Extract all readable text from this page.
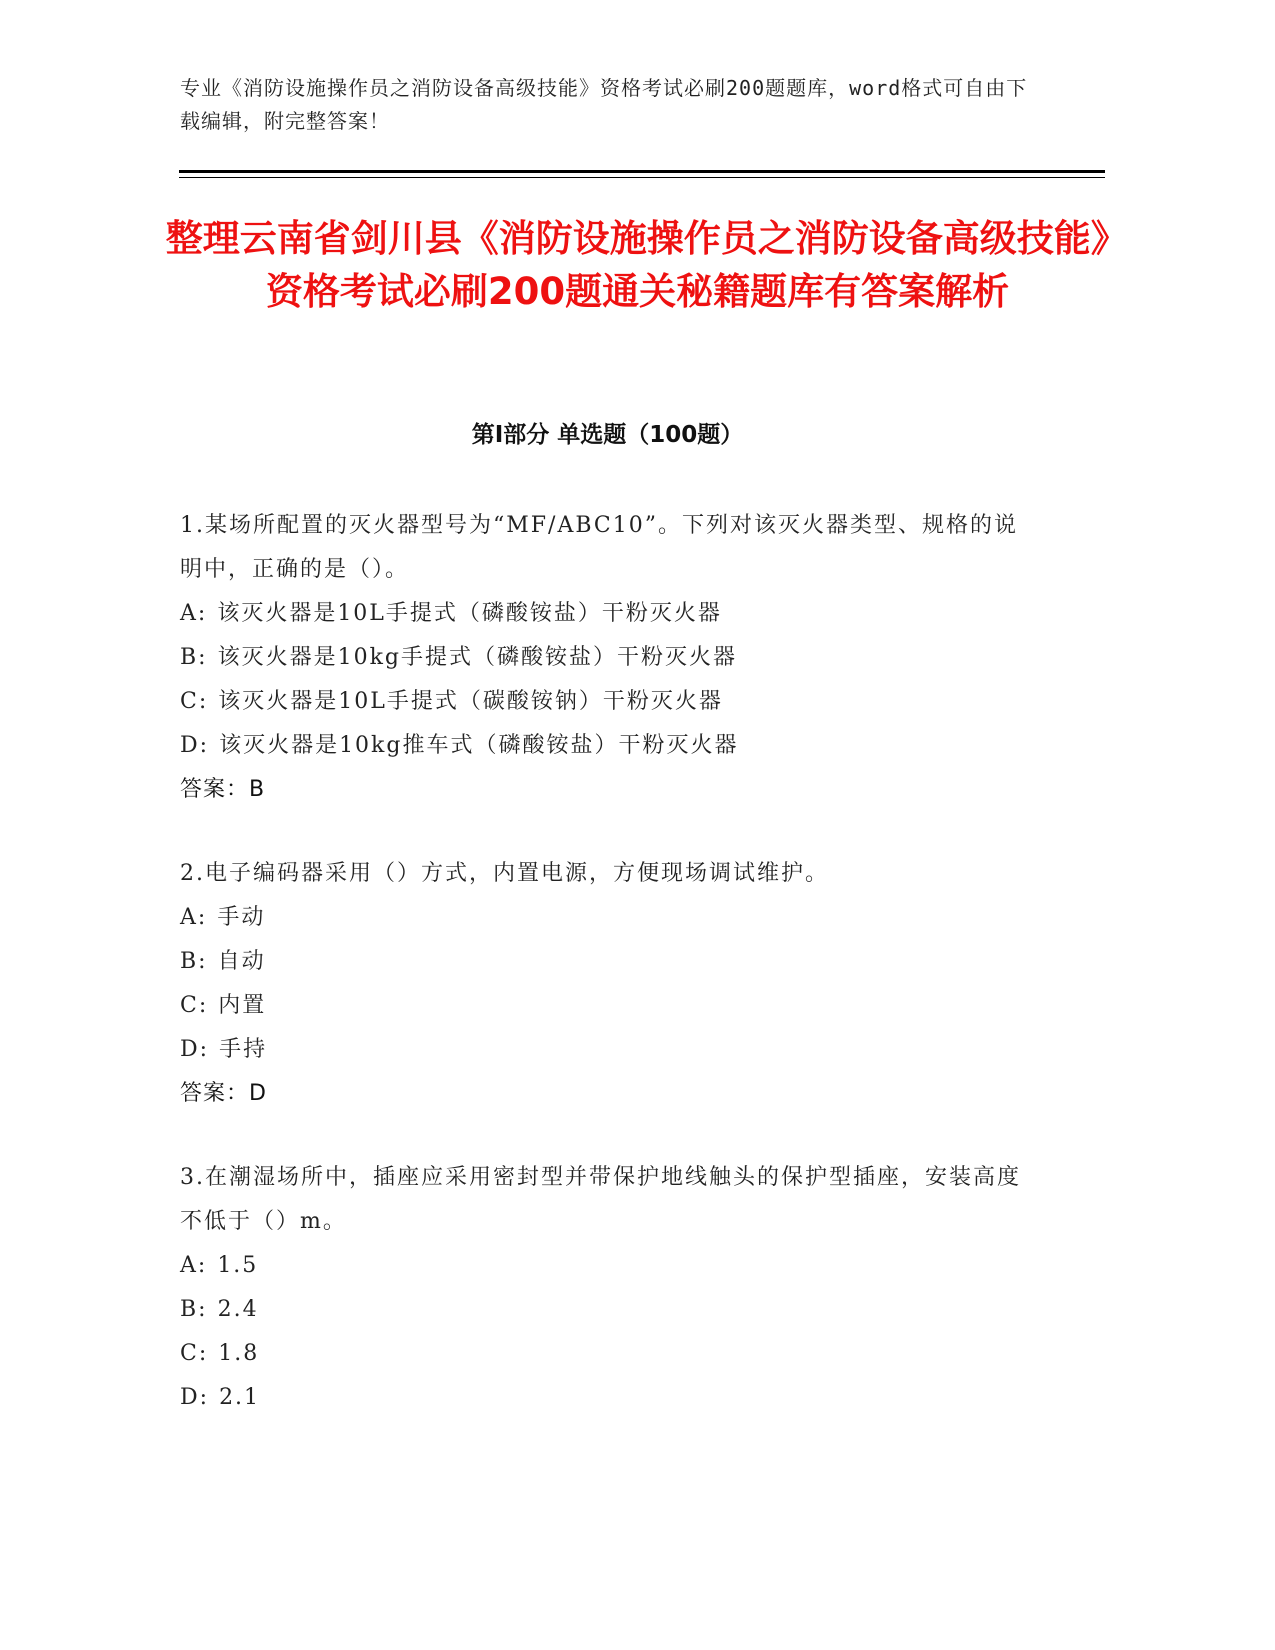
专业《消防设施操作员之消防设备高级技能》资格考试必刷200题题库，word格式可自由下载编辑，附完整答案！
整理云南省剑川县《消防设施操作员之消防设备高级技能》资格考试必刷200题通关秘籍题库有答案解析
第Ⅰ部分 单选题（100题）

1.某场所配置的灭火器型号为“MF/ABC10”。下列对该灭火器类型、规格的说明中，正确的是（）。

A: 该灭火器是10L手提式（磷酸铵盐）干粉灭火器
B: 该灭火器是10kg手提式（磷酸铵盐）干粉灭火器
C: 该灭火器是10L手提式（碳酸铵钠）干粉灭火器
D: 该灭火器是10kg推车式（磷酸铵盐）干粉灭火器
答案：B

2.电子编码器采用（）方式，内置电源，方便现场调试维护。

A: 手动
B: 自动
C: 内置
D: 手持
答案：D

3.在潮湿场所中，插座应采用密封型并带保护地线触头的保护型插座，安装高度不低于（）m。

A: 1.5
B: 2.4
C: 1.8
D: 2.1
